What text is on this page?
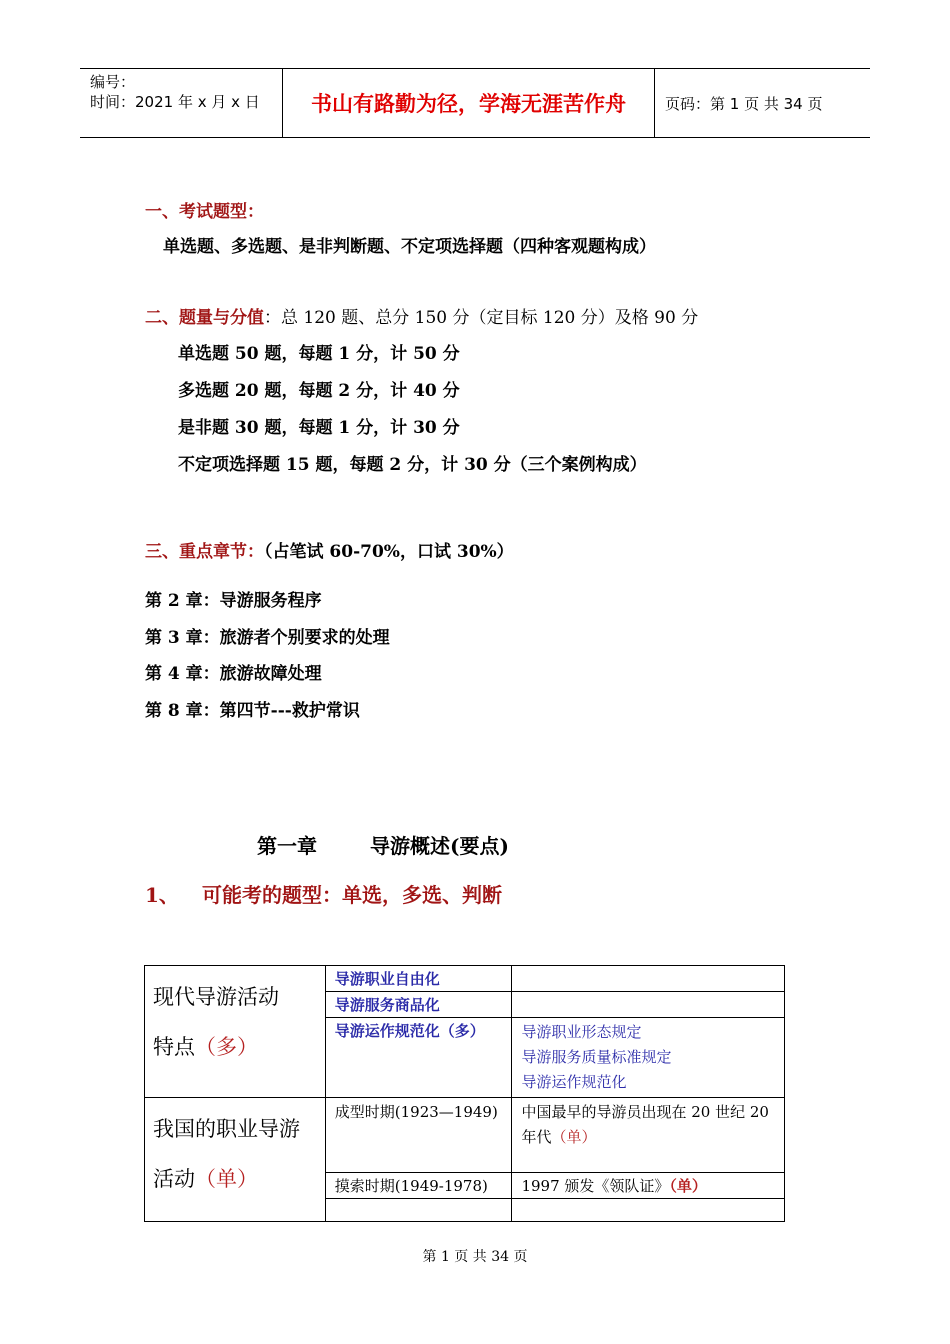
编号：
时间：2021 年 x 月 x 日	书山有路勤为径，学海无涯苦作舟	页码：第 1 页 共 34 页
一、考试题型：
单选题、多选题、是非判断题、不定项选择题（四种客观题构成）
二、题量与分值：总 120 题、总分 150 分（定目标 120 分）及格 90 分
单选题 50 题，每题 1 分，计 50 分
多选题 20 题，每题 2 分，计 40 分
是非题 30 题，每题 1 分，计 30 分
不定项选择题 15 题，每题 2 分，计 30 分（三个案例构成）
三、重点章节：（占笔试 60-70%，口试 30%）
第 2 章：导游服务程序
第 3 章：旅游者个别要求的处理
第 4 章：旅游故障处理
第 8 章：第四节---救护常识
第一章	导游概述(要点)
1、 可能考的题型：单选，多选、判断
现代导游活动
特点（多）	导游职业自由化	
	导游服务商品化	
	导游运作规范化（多）	导游职业形态规定
导游服务质量标准规定
导游运作规范化

我国的职业导游
活动（单）	成型时期(1923—1949)	中国最早的导游员出现在 20 世纪 20 年代（单）
	摸索时期(1949-1978)	1997 颁发《领队证》（单）

第 1 页 共 34 页
